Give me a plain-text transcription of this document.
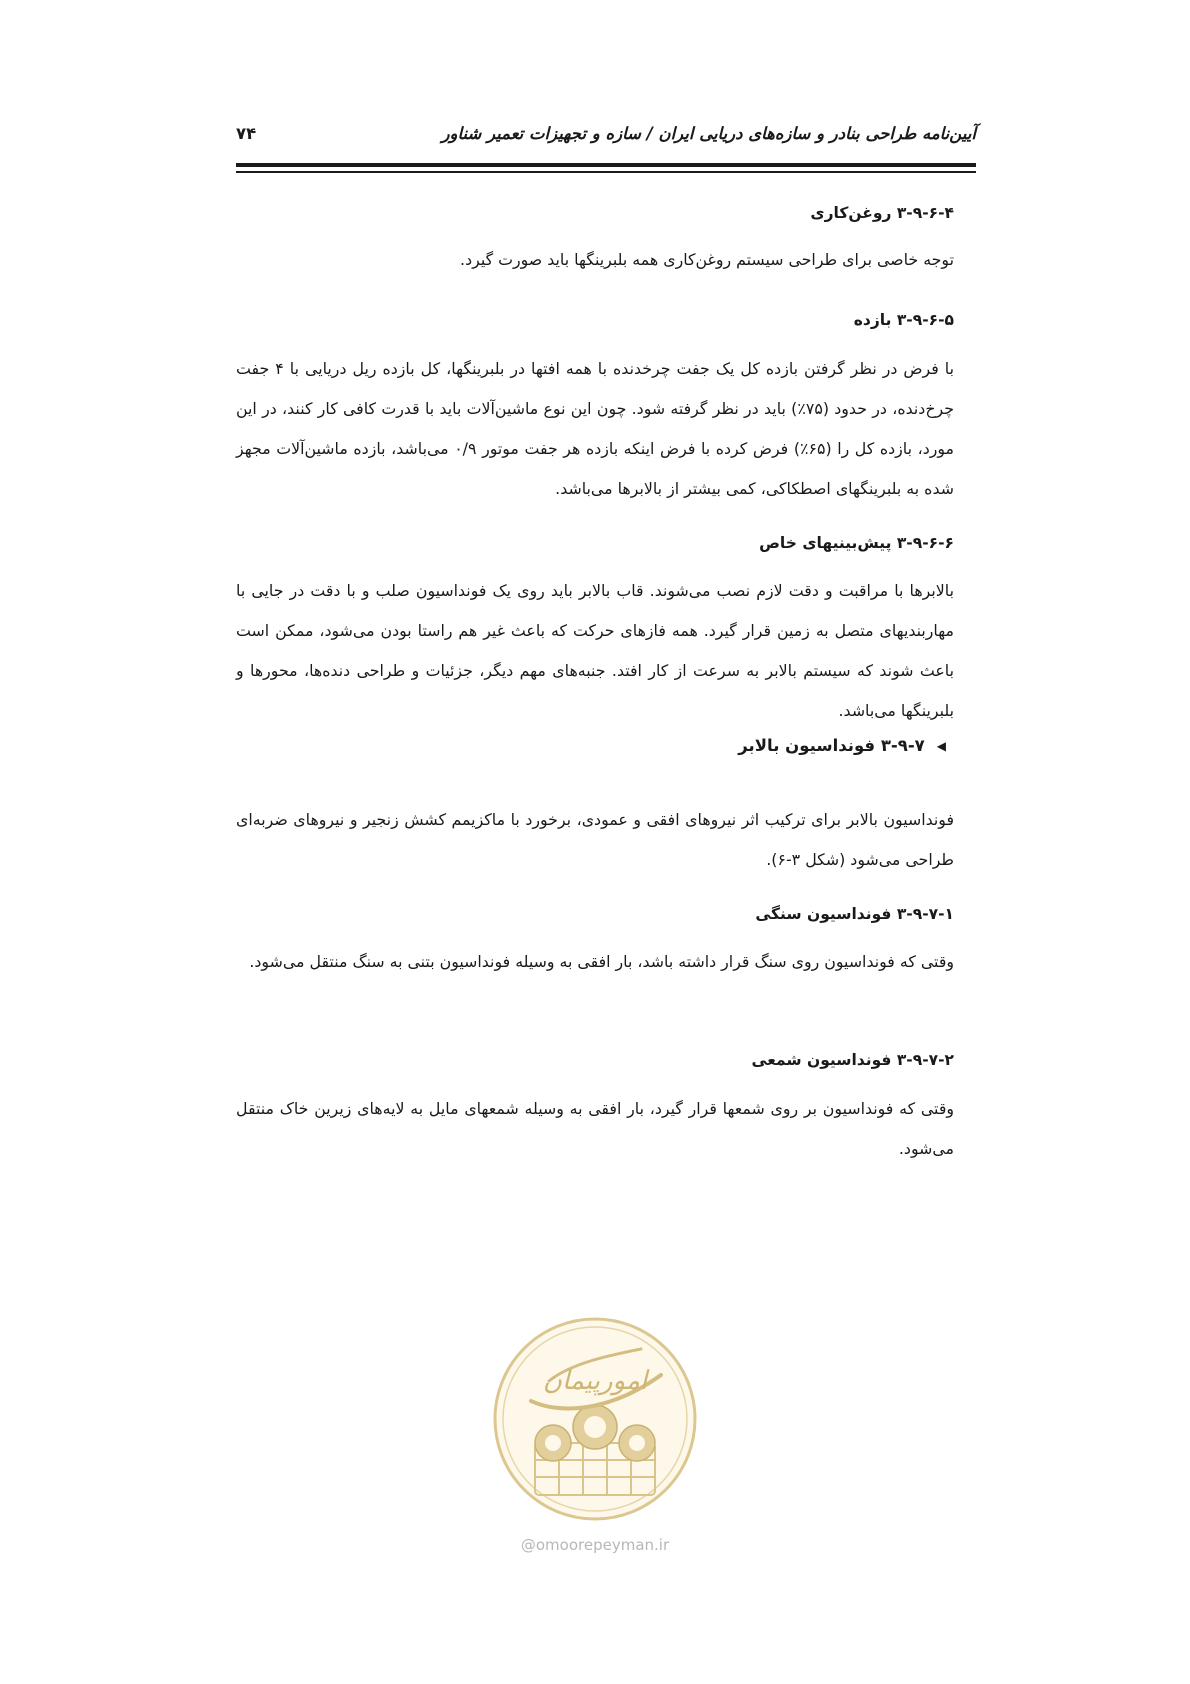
آیین‌نامه طراحی بنادر و سازه‌های دریایی ایران / سازه و تجهیزات تعمیر شناور
۷۴
۳-۹-۶-۴ روغن‌کاری
توجه خاصی برای طراحی سیستم روغن‌کاری همه بلبرینگها باید صورت گیرد.
۳-۹-۶-۵ بازده
با فرض در نظر گرفتن بازده کل یک جفت چرخدنده با همه افتها در بلبرینگها، کل بازده ریل دریایی با ۴ جفت چرخ‌دنده، در حدود (۷۵٪) باید در نظر گرفته شود. چون این نوع ماشین‌آلات باید با قدرت کافی کار کنند، در این مورد، بازده کل را (۶۵٪) فرض کرده با فرض اینکه بازده هر جفت موتور ۰/۹ می‌باشد، بازده ماشین‌آلات مجهز شده به بلبرینگهای اصطکاکی، کمی بیشتر از بالابرها می‌باشد.
۳-۹-۶-۶ پیش‌بینیهای خاص
بالابرها با مراقبت و دقت لازم نصب می‌شوند. قاب بالابر باید روی یک فونداسیون صلب و با دقت در جایی با مهاربندیهای متصل به زمین قرار گیرد. همه فازهای حرکت که باعث غیر هم راستا بودن می‌شود، ممکن است باعث شوند که سیستم بالابر به سرعت از کار افتد. جنبه‌های مهم دیگر، جزئیات و طراحی دنده‌ها، محورها و بلبرینگها می‌باشد.
◀۳-۹-۷ فونداسیون بالابر
فونداسیون بالابر برای ترکیب اثر نیروهای افقی و عمودی، برخورد با ماکزیمم کشش زنجیر و نیروهای ضربه‌ای طراحی می‌شود (شکل ۳-۶).
۳-۹-۷-۱ فونداسیون سنگی
وقتی که فونداسیون روی سنگ قرار داشته باشد، بار افقی به وسیله فونداسیون بتنی به سنگ منتقل می‌شود.
۳-۹-۷-۲ فونداسیون شمعی
وقتی که فونداسیون بر روی شمعها قرار گیرد، بار افقی به وسیله شمعهای مایل به لایه‌های زیرین خاک منتقل می‌شود.
امورپیمان
@omoorepeyman.ir
